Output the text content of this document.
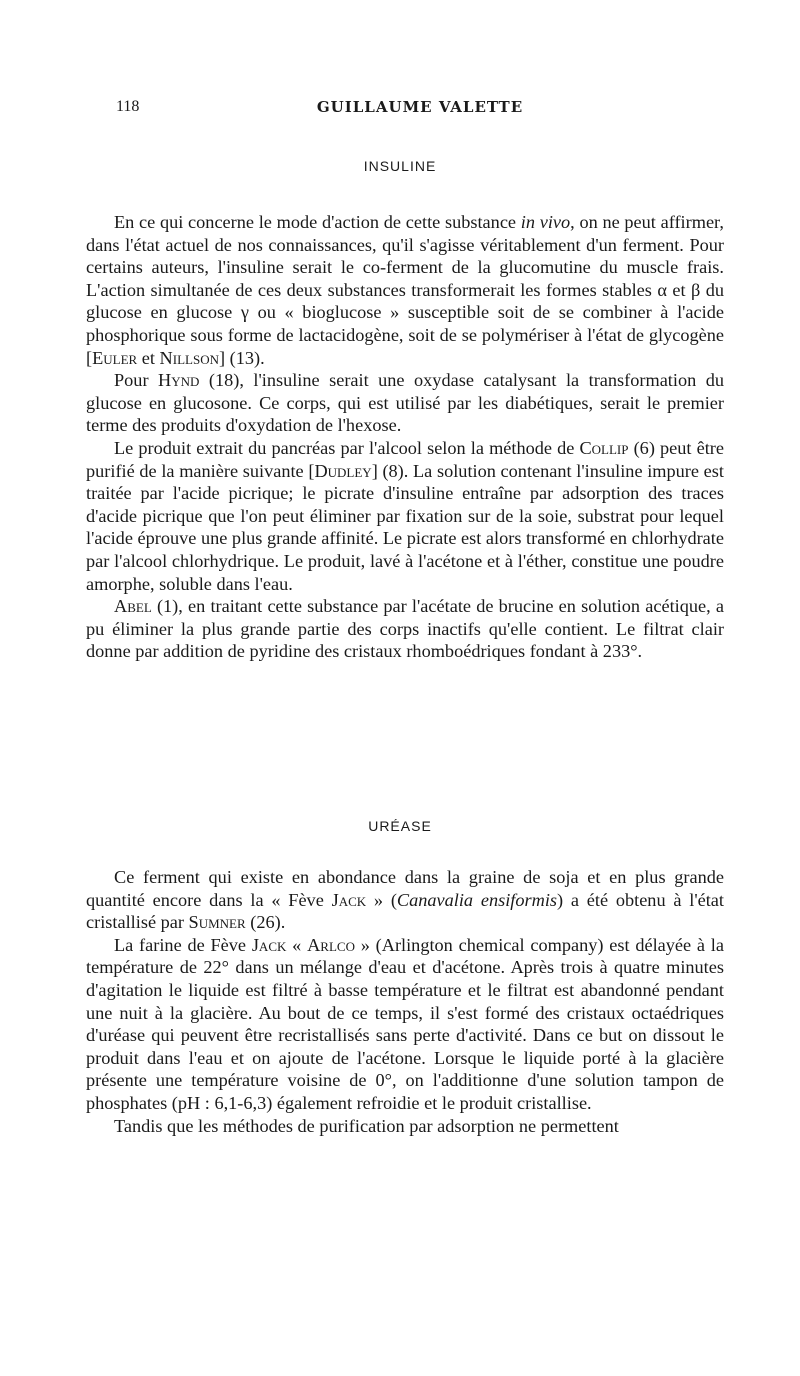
118	GUILLAUME VALETTE
INSULINE

En ce qui concerne le mode d'action de cette substance in vivo, on ne peut affirmer, dans l'état actuel de nos connaissances, qu'il s'agisse véritablement d'un ferment. Pour certains auteurs, l'insuline serait le co-ferment de la glucomutine du muscle frais. L'action simultanée de ces deux substances transformerait les formes stables α et β du glucose en glucose γ ou « bioglucose » susceptible soit de se combiner à l'acide phosphorique sous forme de lactacidogène, soit de se polymériser à l'état de glycogène [Euler et Nillson] (13).

Pour Hynd (18), l'insuline serait une oxydase catalysant la transformation du glucose en glucosone. Ce corps, qui est utilisé par les diabétiques, serait le premier terme des produits d'oxydation de l'hexose.

Le produit extrait du pancréas par l'alcool selon la méthode de Collip (6) peut être purifié de la manière suivante [Dudley] (8). La solution contenant l'insuline impure est traitée par l'acide picrique; le picrate d'insuline entraîne par adsorption des traces d'acide picrique que l'on peut éliminer par fixation sur de la soie, substrat pour lequel l'acide éprouve une plus grande affinité. Le picrate est alors transformé en chlorhydrate par l'alcool chlorhydrique. Le produit, lavé à l'acétone et à l'éther, constitue une poudre amorphe, soluble dans l'eau.

Abel (1), en traitant cette substance par l'acétate de brucine en solution acétique, a pu éliminer la plus grande partie des corps inactifs qu'elle contient. Le filtrat clair donne par addition de pyridine des cristaux rhomboédriques fondant à 233°.

URÉASE

Ce ferment qui existe en abondance dans la graine de soja et en plus grande quantité encore dans la « Fève Jack » (Canavalia ensiformis) a été obtenu à l'état cristallisé par Sumner (26).

La farine de Fève Jack « Arlco » (Arlington chemical company) est délayée à la température de 22° dans un mélange d'eau et d'acétone. Après trois à quatre minutes d'agitation le liquide est filtré à basse température et le filtrat est abandonné pendant une nuit à la glacière. Au bout de ce temps, il s'est formé des cristaux octaédriques d'uréase qui peuvent être recristallisés sans perte d'activité. Dans ce but on dissout le produit dans l'eau et on ajoute de l'acétone. Lorsque le liquide porté à la glacière présente une température voisine de 0°, on l'additionne d'une solution tampon de phosphates (pH : 6,1-6,3) également refroidie et le produit cristallise.

Tandis que les méthodes de purification par adsorption ne permettent
